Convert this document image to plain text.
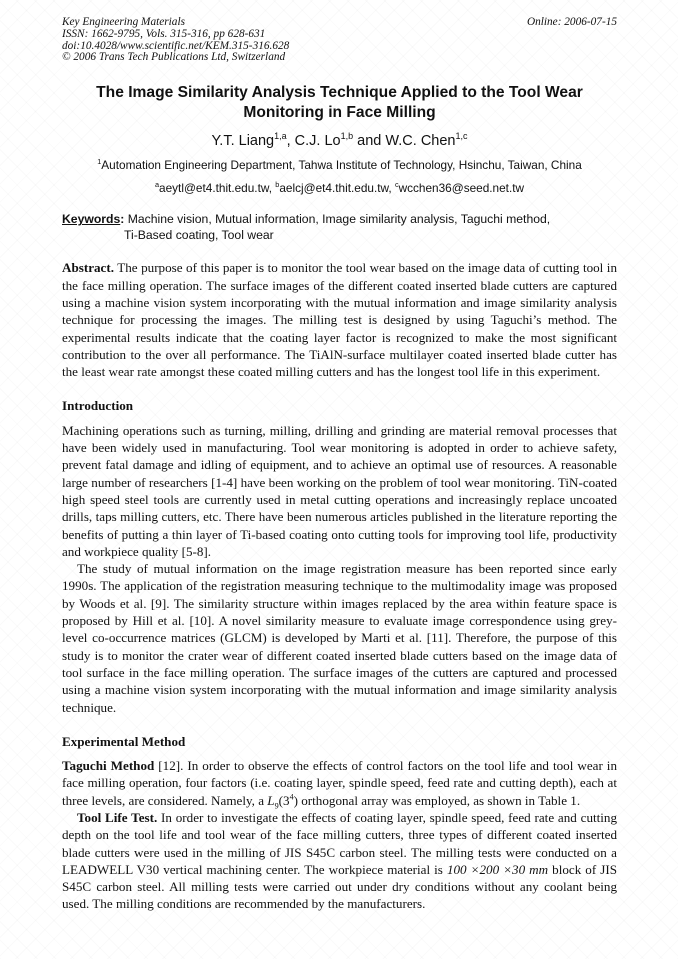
Key Engineering Materials
ISSN: 1662-9795, Vols. 315-316, pp 628-631
doi:10.4028/www.scientific.net/KEM.315-316.628
© 2006 Trans Tech Publications Ltd, Switzerland
Online: 2006-07-15
The Image Similarity Analysis Technique Applied to the Tool Wear
Monitoring in Face Milling
Y.T. Liang$^{1,a}$, C.J. Lo$^{1,b}$ and W.C. Chen$^{1,c}$
$^1$Automation Engineering Department, Tahwa Institute of Technology, Hsinchu, Taiwan, China
$^a$aeytl@et4.thit.edu.tw, $^b$aelcj@et4.thit.edu.tw, $^c$wcchen36@seed.net.tw
Keywords: Machine vision, Mutual information, Image similarity analysis, Taguchi method,
Ti-Based coating, Tool wear

Abstract. The purpose of this paper is to monitor the tool wear based on the image data of cutting tool in the face milling operation. The surface images of the different coated inserted blade cutters are captured using a machine vision system incorporating with the mutual information and image similarity analysis technique for processing the images. The milling test is designed by using Taguchi’s method. The experimental results indicate that the coating layer factor is recognized to make the most significant contribution to the over all performance. The TiAlN-surface multilayer coated inserted blade cutter has the least wear rate amongst these coated milling cutters and has the longest tool life in this experiment.

Introduction

Machining operations such as turning, milling, drilling and grinding are material removal processes that have been widely used in manufacturing. Tool wear monitoring is adopted in order to achieve safety, prevent fatal damage and idling of equipment, and to achieve an optimal use of resources. A reasonable large number of researchers [1-4] have been working on the problem of tool wear monitoring. TiN-coated high speed steel tools are currently used in metal cutting operations and increasingly replace uncoated drills, taps milling cutters, etc. There have been numerous articles published in the literature reporting the benefits of putting a thin layer of Ti-based coating onto cutting tools for improving tool life, productivity and workpiece quality [5-8].

The study of mutual information on the image registration measure has been reported since early 1990s. The application of the registration measuring technique to the multimodality image was proposed by Woods et al. [9]. The similarity structure within images replaced by the area within feature space is proposed by Hill et al. [10]. A novel similarity measure to evaluate image correspondence using grey-level co-occurrence matrices (GLCM) is developed by Marti et al. [11]. Therefore, the purpose of this study is to monitor the crater wear of different coated inserted blade cutters based on the image data of tool surface in the face milling operation. The surface images of the cutters are captured and processed using a machine vision system incorporating with the mutual information and image similarity analysis technique.

Experimental Method

Taguchi Method [12]. In order to observe the effects of control factors on the tool life and tool wear in face milling operation, four factors (i.e. coating layer, spindle speed, feed rate and cutting depth), each at three levels, are considered. Namely, a $L_9(3^4)$ orthogonal array was employed, as shown in Table 1.

Tool Life Test. In order to investigate the effects of coating layer, spindle speed, feed rate and cutting depth on the tool life and tool wear of the face milling cutters, three types of different coated inserted blade cutters were used in the milling of JIS S45C carbon steel. The milling tests were conducted on a LEADWELL V30 vertical machining center. The workpiece material is 100 ×200 ×30 mm block of JIS S45C carbon steel. All milling tests were carried out under dry conditions without any coolant being used. The milling conditions are recommended by the manufacturers.
